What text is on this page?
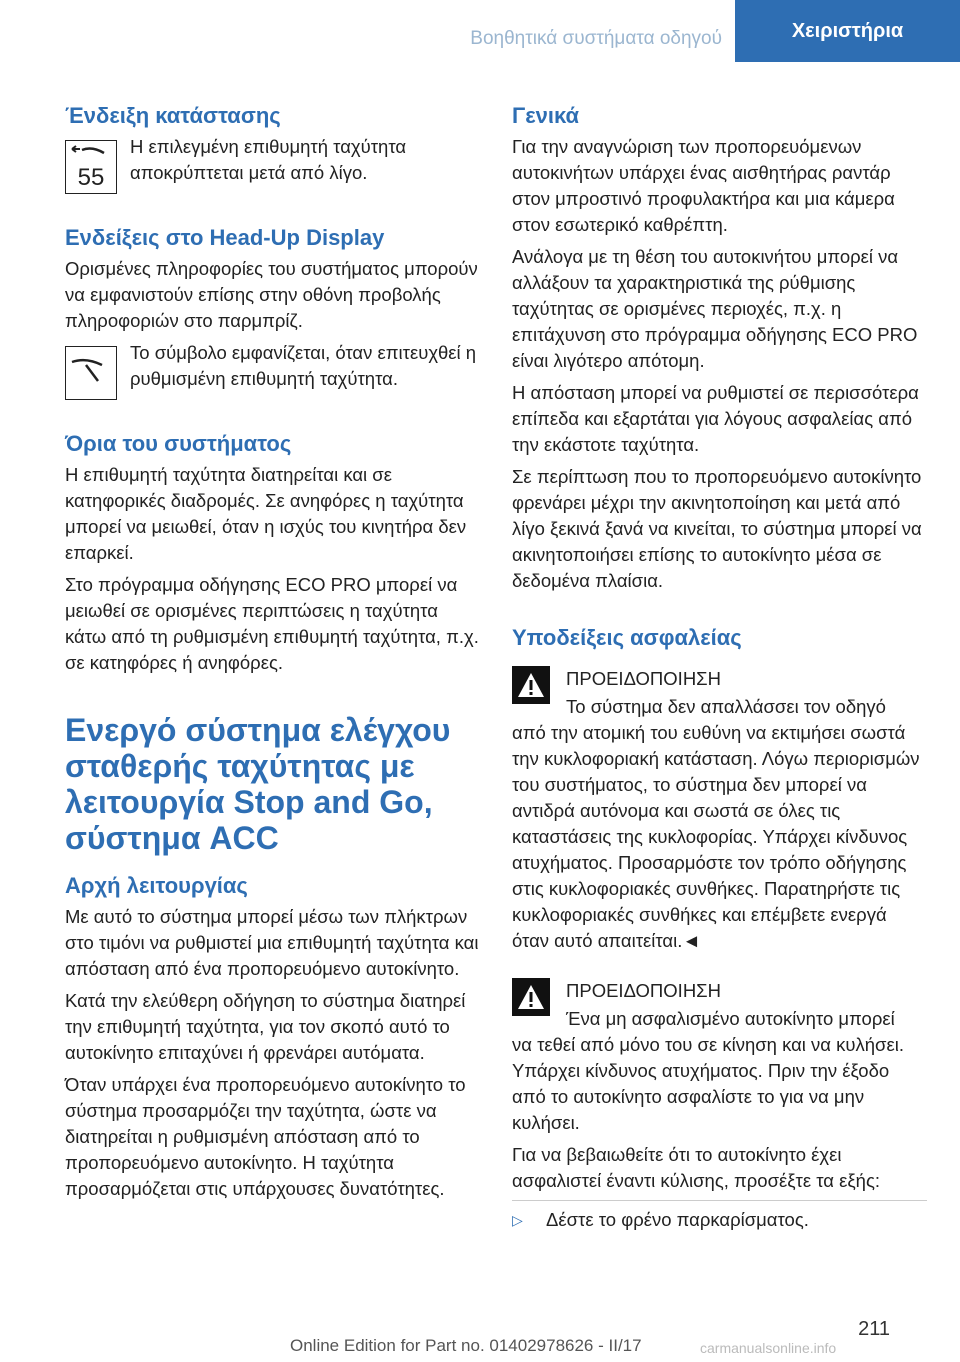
Βοηθητικά συστήματα οδηγού	Χειριστήρια
Ένδειξη κατάστασης
55

Η επιλεγμένη επιθυμητή ταχύτητα αποκρύπτεται μετά από λίγο.

Ενδείξεις στο Head-Up Display

Ορισμένες πληροφορίες του συστήματος μπορούν να εμφανιστούν επίσης στην οθόνη προβολής πληροφοριών στο παρμπρίζ.

Το σύμβολο εμφανίζεται, όταν επιτευχθεί η ρυθμισμένη επιθυμητή ταχύτητα.

Όρια του συστήματος

Η επιθυμητή ταχύτητα διατηρείται και σε κατηφορικές διαδρομές. Σε ανηφόρες η ταχύτητα μπορεί να μειωθεί, όταν η ισχύς του κινητήρα δεν επαρκεί.

Στο πρόγραμμα οδήγησης ECO PRO μπορεί να μειωθεί σε ορισμένες περιπτώσεις η ταχύτητα κάτω από τη ρυθμισμένη επιθυμητή ταχύτητα, π.χ. σε κατηφόρες ή ανηφόρες.

Ενεργό σύστημα ελέγχου σταθερής ταχύτητας με λειτουργία Stop and Go, σύστημα ACC
Αρχή λειτουργίας

Με αυτό το σύστημα μπορεί μέσω των πλήκτρων στο τιμόνι να ρυθμιστεί μια επιθυμητή ταχύτητα και απόσταση από ένα προπορευόμενο αυτοκίνητο.

Κατά την ελεύθερη οδήγηση το σύστημα διατηρεί την επιθυμητή ταχύτητα, για τον σκοπό αυτό το αυτοκίνητο επιταχύνει ή φρενάρει αυτόματα.

Όταν υπάρχει ένα προπορευόμενο αυτοκίνητο το σύστημα προσαρμόζει την ταχύτητα, ώστε να διατηρείται η ρυθμισμένη απόσταση από το προπορευόμενο αυτοκίνητο. Η ταχύτητα προσαρμόζεται στις υπάρχουσες δυνατότητες.

Γενικά

Για την αναγνώριση των προπορευόμενων αυτοκινήτων υπάρχει ένας αισθητήρας ραντάρ στον μπροστινό προφυλακτήρα και μια κάμερα στον εσωτερικό καθρέπτη.

Ανάλογα με τη θέση του αυτοκινήτου μπορεί να αλλάξουν τα χαρακτηριστικά της ρύθμισης ταχύτητας σε ορισμένες περιοχές, π.χ. η επιτάχυνση στο πρόγραμμα οδήγησης ECO PRO είναι λιγότερο απότομη.

Η απόσταση μπορεί να ρυθμιστεί σε περισσότερα επίπεδα και εξαρτάται για λόγους ασφαλείας από την εκάστοτε ταχύτητα.

Σε περίπτωση που το προπορευόμενο αυτοκίνητο φρενάρει μέχρι την ακινητοποίηση και μετά από λίγο ξεκινά ξανά να κινείται, το σύστημα μπορεί να ακινητοποιήσει επίσης το αυτοκίνητο μέσα σε δεδομένα πλαίσια.

Υποδείξεις ασφαλείας
ΠΡΟΕΙΔΟΠΟΙΗΣΗ
Το σύστημα δεν απαλλάσσει τον οδηγό

από την ατομική του ευθύνη να εκτιμήσει σωστά την κυκλοφοριακή κατάσταση. Λόγω περιορισμών του συστήματος, το σύστημα δεν μπορεί να αντιδρά αυτόνομα και σωστά σε όλες τις καταστάσεις της κυκλοφορίας. Υπάρχει κίνδυνος ατυχήματος. Προσαρμόστε τον τρόπο οδήγησης στις κυκλοφοριακές συνθήκες. Παρατηρήστε τις κυκλοφοριακές συνθήκες και επέμβετε ενεργά όταν αυτό απαιτείται.◄

ΠΡΟΕΙΔΟΠΟΙΗΣΗ
Ένα μη ασφαλισμένο αυτοκίνητο μπορεί

να τεθεί από μόνο του σε κίνηση και να κυλήσει. Υπάρχει κίνδυνος ατυχήματος. Πριν την έξοδο από το αυτοκίνητο ασφαλίστε το για να μην κυλήσει.

Για να βεβαιωθείτε ότι το αυτοκίνητο έχει ασφαλιστεί έναντι κύλισης, προσέξτε τα εξής:

▷	Δέστε το φρένο παρκαρίσματος.

211
Online Edition for Part no. 01402978626 - II/17	carmanualsonline.info
